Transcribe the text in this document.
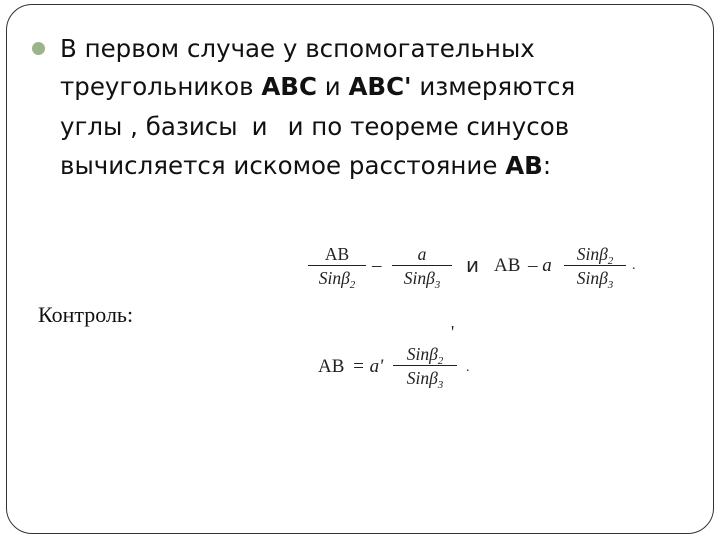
В первом случае у вспомогательных
треугольников АВС и АВС' измеряются
углы , базисы и и по теореме синусов
вычисляется искомое расстояние АВ:
АВ
Sinβ$_2$
–
a
Sinβ$_3$
и АВ – a
Sinβ$_2$
Sinβ$_3$
.
Контроль:
АВ = a'
Sinβ$_2$
Sinβ$_3$
'
.
